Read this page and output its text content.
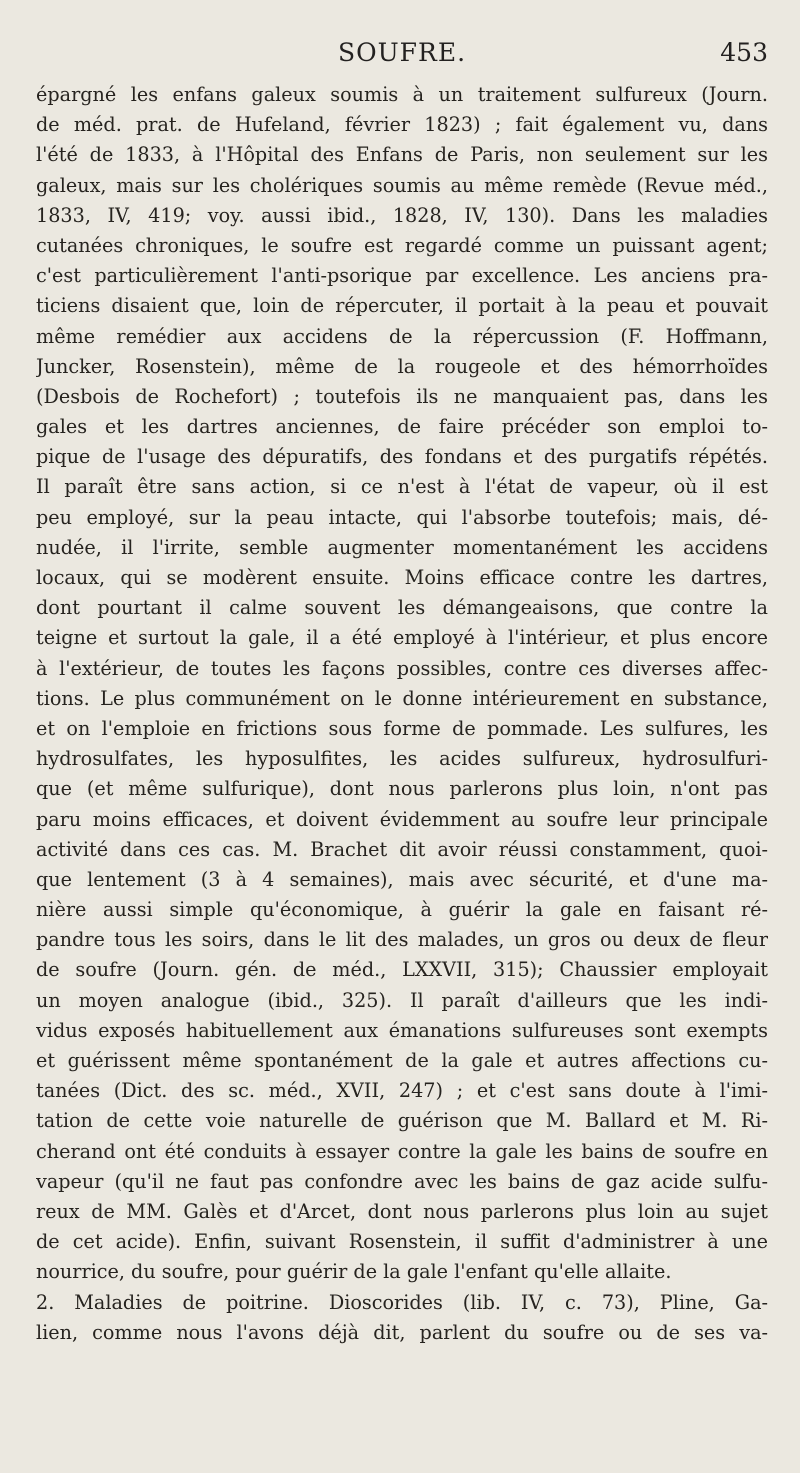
SOUFRE.	453
épargné les enfans galeux soumis à un traitement sulfureux (Journ.
de méd. prat. de Hufeland, février 1823) ; fait également vu, dans
l'été de 1833, à l'Hôpital des Enfans de Paris, non seulement sur les
galeux, mais sur les cholériques soumis au même remède (Revue méd.,
1833, IV, 419; voy. aussi ibid., 1828, IV, 130). Dans les maladies
cutanées chroniques, le soufre est regardé comme un puissant agent;
c'est particulièrement l'anti-psorique par excellence. Les anciens pra-
ticiens disaient que, loin de répercuter, il portait à la peau et pouvait
même remédier aux accidens de la répercussion (F. Hoffmann,
Juncker, Rosenstein), même de la rougeole et des hémorrhoïdes
(Desbois de Rochefort) ; toutefois ils ne manquaient pas, dans les
gales et les dartres anciennes, de faire précéder son emploi to-
pique de l'usage des dépuratifs, des fondans et des purgatifs répétés.
Il paraît être sans action, si ce n'est à l'état de vapeur, où il est
peu employé, sur la peau intacte, qui l'absorbe toutefois; mais, dé-
nudée, il l'irrite, semble augmenter momentanément les accidens
locaux, qui se modèrent ensuite. Moins efficace contre les dartres,
dont pourtant il calme souvent les démangeaisons, que contre la
teigne et surtout la gale, il a été employé à l'intérieur, et plus encore
à l'extérieur, de toutes les façons possibles, contre ces diverses affec-
tions. Le plus communément on le donne intérieurement en substance,
et on l'emploie en frictions sous forme de pommade. Les sulfures, les
hydrosulfates, les hyposulfites, les acides sulfureux, hydrosulfuri-
que (et même sulfurique), dont nous parlerons plus loin, n'ont pas
paru moins efficaces, et doivent évidemment au soufre leur principale
activité dans ces cas. M. Brachet dit avoir réussi constamment, quoi-
que lentement (3 à 4 semaines), mais avec sécurité, et d'une ma-
nière aussi simple qu'économique, à guérir la gale en faisant ré-
pandre tous les soirs, dans le lit des malades, un gros ou deux de fleur
de soufre (Journ. gén. de méd., LXXVII, 315); Chaussier employait
un moyen analogue (ibid., 325). Il paraît d'ailleurs que les indi-
vidus exposés habituellement aux émanations sulfureuses sont exempts
et guérissent même spontanément de la gale et autres affections cu-
tanées (Dict. des sc. méd., XVII, 247) ; et c'est sans doute à l'imi-
tation de cette voie naturelle de guérison que M. Ballard et M. Ri-
cherand ont été conduits à essayer contre la gale les bains de soufre en
vapeur (qu'il ne faut pas confondre avec les bains de gaz acide sulfu-
reux de MM. Galès et d'Arcet, dont nous parlerons plus loin au sujet
de cet acide). Enfin, suivant Rosenstein, il suffit d'administrer à une
nourrice, du soufre, pour guérir de la gale l'enfant qu'elle allaite.
2. Maladies de poitrine. Dioscorides (lib. IV, c. 73), Pline, Ga-
lien, comme nous l'avons déjà dit, parlent du soufre ou de ses va-
